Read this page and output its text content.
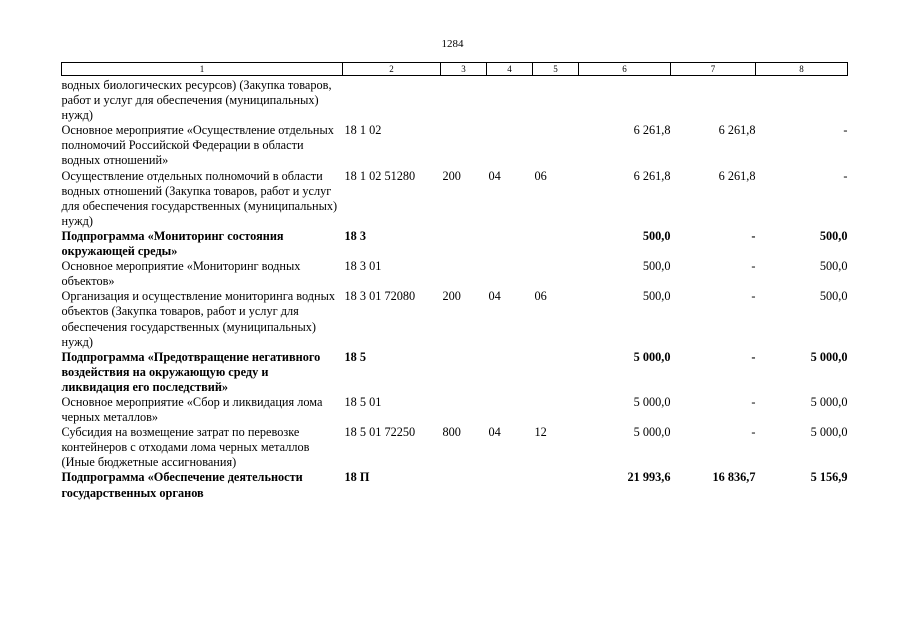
1284
1	2	3	4	5	6	7	8
водных биологических ресурсов) (Закупка товаров, работ и услуг для обеспечения (муниципальных) нужд)							
Основное мероприятие «Осуществление отдельных полномочий Российской Федерации в области водных отношений»	18 1 02				6 261,8	6 261,8	-
Осуществление отдельных полномочий в области водных отношений (Закупка товаров, работ и услуг для обеспечения государственных (муниципальных) нужд)	18 1 02 51280	200	04	06	6 261,8	6 261,8	-
Подпрограмма «Мониторинг состояния окружающей среды»	18 3				500,0	-	500,0
Основное мероприятие «Мониторинг водных объектов»	18 3 01				500,0	-	500,0
Организация и осуществление мониторинга водных объектов (Закупка товаров, работ и услуг для обеспечения государственных (муниципальных) нужд)	18 3 01 72080	200	04	06	500,0	-	500,0
Подпрограмма «Предотвращение негативного воздействия на окружающую среду и ликвидация его последствий»	18 5				5 000,0	-	5 000,0
Основное мероприятие «Сбор и ликвидация лома черных металлов»	18 5 01				5 000,0	-	5 000,0
Субсидия на возмещение затрат по перевозке контейнеров с отходами лома черных металлов (Иные бюджетные ассигнования)	18 5 01 72250	800	04	12	5 000,0	-	5 000,0
Подпрограмма «Обеспечение деятельности государственных органов	18 П				21 993,6	16 836,7	5 156,9
